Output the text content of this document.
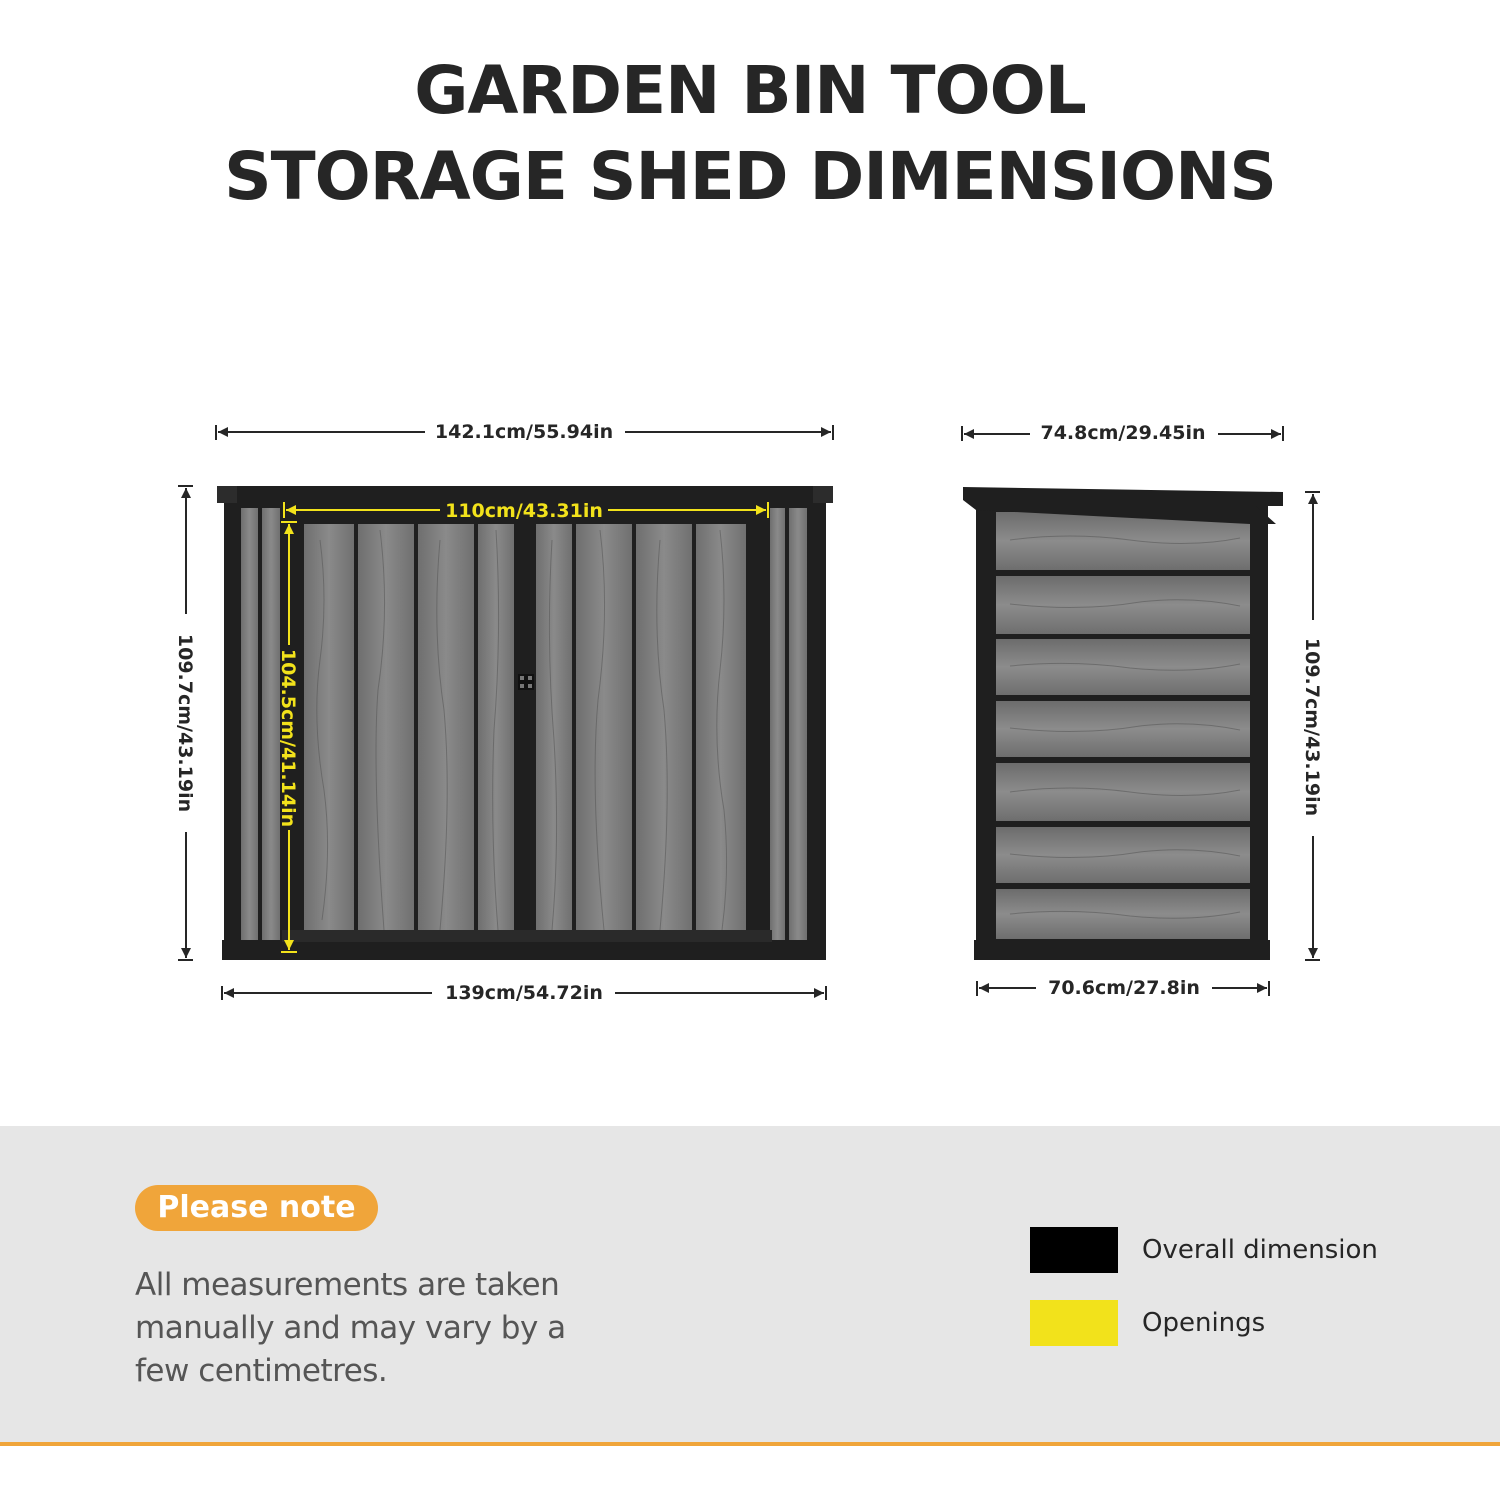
GARDEN BIN TOOL
STORAGE SHED DIMENSIONS
142.1cm/55.94in
139cm/54.72in
109.7cm/43.19in
110cm/43.31in
104.5cm/41.14in
74.8cm/29.45in
70.6cm/27.8in
109.7cm/43.19in
Please note
All measurements are taken manually and may vary by a few centimetres.
Overall dimension
Openings
